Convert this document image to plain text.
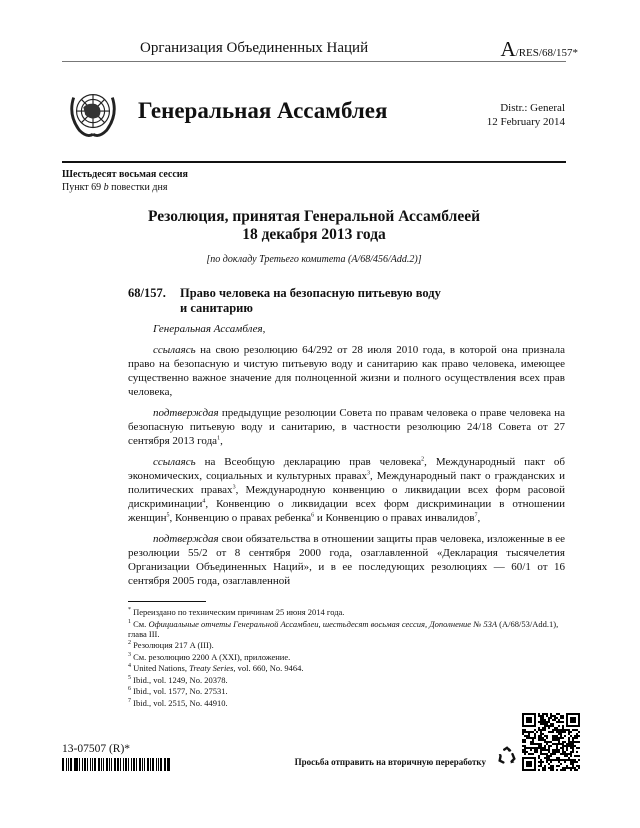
Организация Объединенных Наций	A/RES/68/157*
Генеральная Ассамблея	Distr.: General
12 February 2014
Шестьдесят восьмая сессия
Пункт 69 b повестки дня
Резолюция, принятая Генеральной Ассамблеей
18 декабря 2013 года
[по докладу Третьего комитета (A/68/456/Add.2)]
68/157. Право человека на безопасную питьевую воду
и санитарию

Генеральная Ассамблея,

ссылаясь на свою резолюцию 64/292 от 28 июля 2010 года, в которой она признала право на безопасную и чистую питьевую воду и санитарию как право человека, имеющее существенно важное значение для полноценной жизни и полного осуществления всех прав человека,

подтверждая предыдущие резолюции Совета по правам человека о праве человека на безопасную питьевую воду и санитарию, в частности резолюцию 24/18 Совета от 27 сентября 2013 года$^1$,

ссылаясь на Всеобщую декларацию прав человека$^2$, Международный пакт об экономических, социальных и культурных правах$^3$, Международный пакт о гражданских и политических правах$^3$, Международную конвенцию о ликвидации всех форм расовой дискриминации$^4$, Конвенцию о ликвидации всех форм дискриминации в отношении женщин$^5$, Конвенцию о правах ребенка$^6$ и Конвенцию о правах инвалидов$^7$,

подтверждая свои обязательства в отношении защиты прав человека, изложенные в ее резолюции 55/2 от 8 сентября 2000 года, озаглавленной «Декларация тысячелетия Организации Объединенных Наций», и в ее последующих резолюциях — 60/1 от 16 сентября 2005 года, озаглавленной

* Переиздано по техническим причинам 25 июня 2014 года.
$^1$ См. Официальные отчеты Генеральной Ассамблеи, шестьдесят восьмая сессия, Дополнение № 53A (A/68/53/Add.1), глава III.
$^2$ Резолюция 217 A (III).
$^3$ См. резолюцию 2200 A (XXI), приложение.
$^4$ United Nations, Treaty Series, vol. 660, No. 9464.
$^5$ Ibid., vol. 1249, No. 20378.
$^6$ Ibid., vol. 1577, No. 27531.
$^7$ Ibid., vol. 2515, No. 44910.
13-07507 (R)*
Просьба отправить на вторичную переработку
